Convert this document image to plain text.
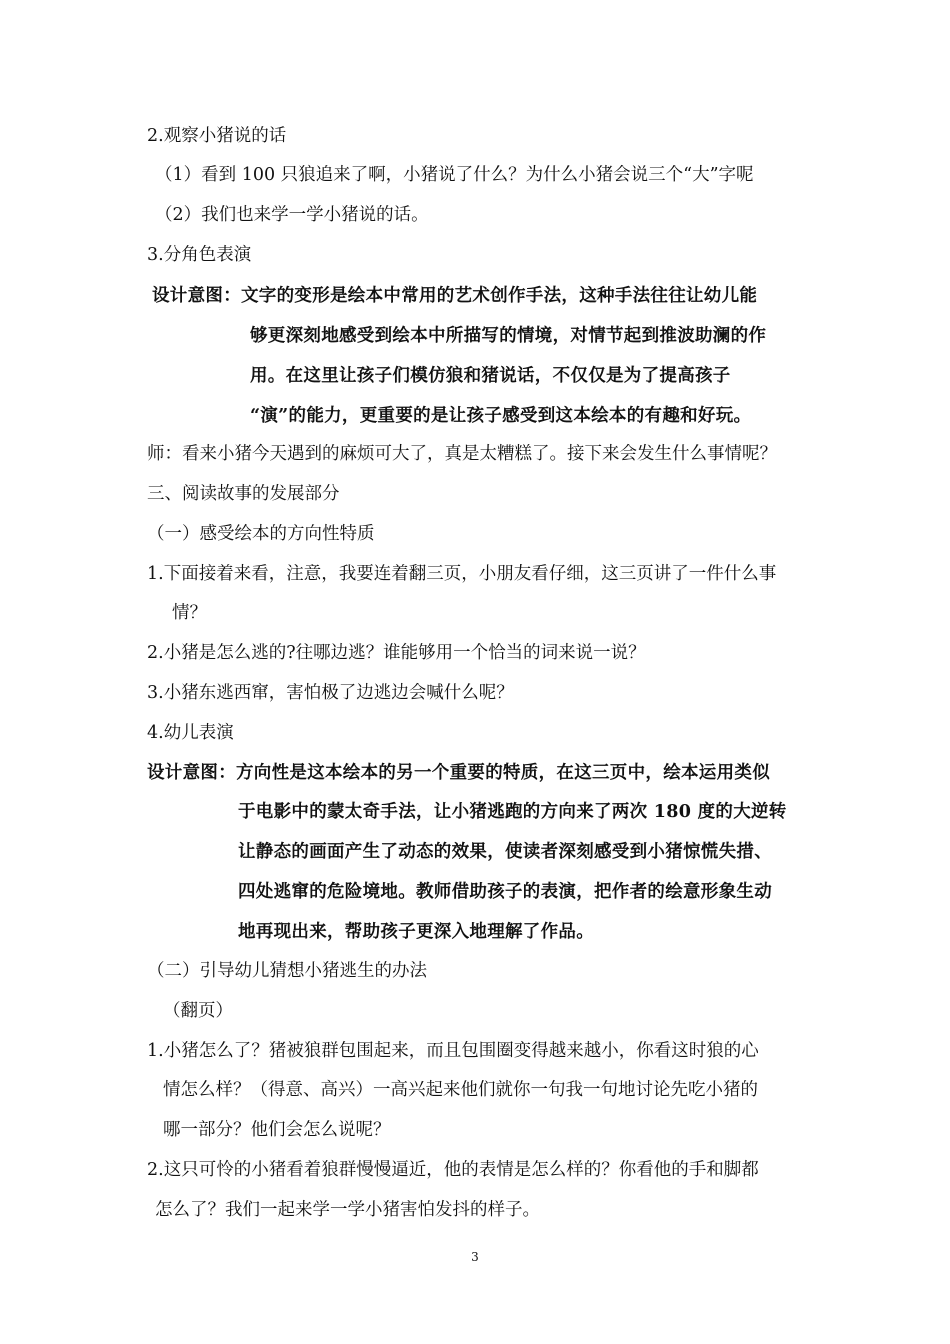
2.观察小猪说的话
（1）看到 100 只狼追来了啊，小猪说了什么？为什么小猪会说三个“大”字呢
（2）我们也来学一学小猪说的话。
3.分角色表演
设计意图：文字的变形是绘本中常用的艺术创作手法，这种手法往往让幼儿能
够更深刻地感受到绘本中所描写的情境，对情节起到推波助澜的作
用。在这里让孩子们模仿狼和猪说话，不仅仅是为了提高孩子
“演”的能力，更重要的是让孩子感受到这本绘本的有趣和好玩。
师：看来小猪今天遇到的麻烦可大了，真是太糟糕了。接下来会发生什么事情呢？
三、阅读故事的发展部分
（一）感受绘本的方向性特质
1.下面接着来看，注意，我要连着翻三页，小朋友看仔细，这三页讲了一件什么事
情？
2.小猪是怎么逃的?往哪边逃？谁能够用一个恰当的词来说一说？
3.小猪东逃西窜，害怕极了边逃边会喊什么呢？
4.幼儿表演
设计意图：方向性是这本绘本的另一个重要的特质，在这三页中，绘本运用类似
于电影中的蒙太奇手法，让小猪逃跑的方向来了两次 180 度的大逆转
让静态的画面产生了动态的效果，使读者深刻感受到小猪惊慌失措、
四处逃窜的危险境地。教师借助孩子的表演，把作者的绘意形象生动
地再现出来，帮助孩子更深入地理解了作品。
（二）引导幼儿猜想小猪逃生的办法
（翻页）
1.小猪怎么了？猪被狼群包围起来，而且包围圈变得越来越小，你看这时狼的心
情怎么样？（得意、高兴）一高兴起来他们就你一句我一句地讨论先吃小猪的
哪一部分？他们会怎么说呢？
2.这只可怜的小猪看着狼群慢慢逼近，他的表情是怎么样的？你看他的手和脚都
怎么了？我们一起来学一学小猪害怕发抖的样子。
3
